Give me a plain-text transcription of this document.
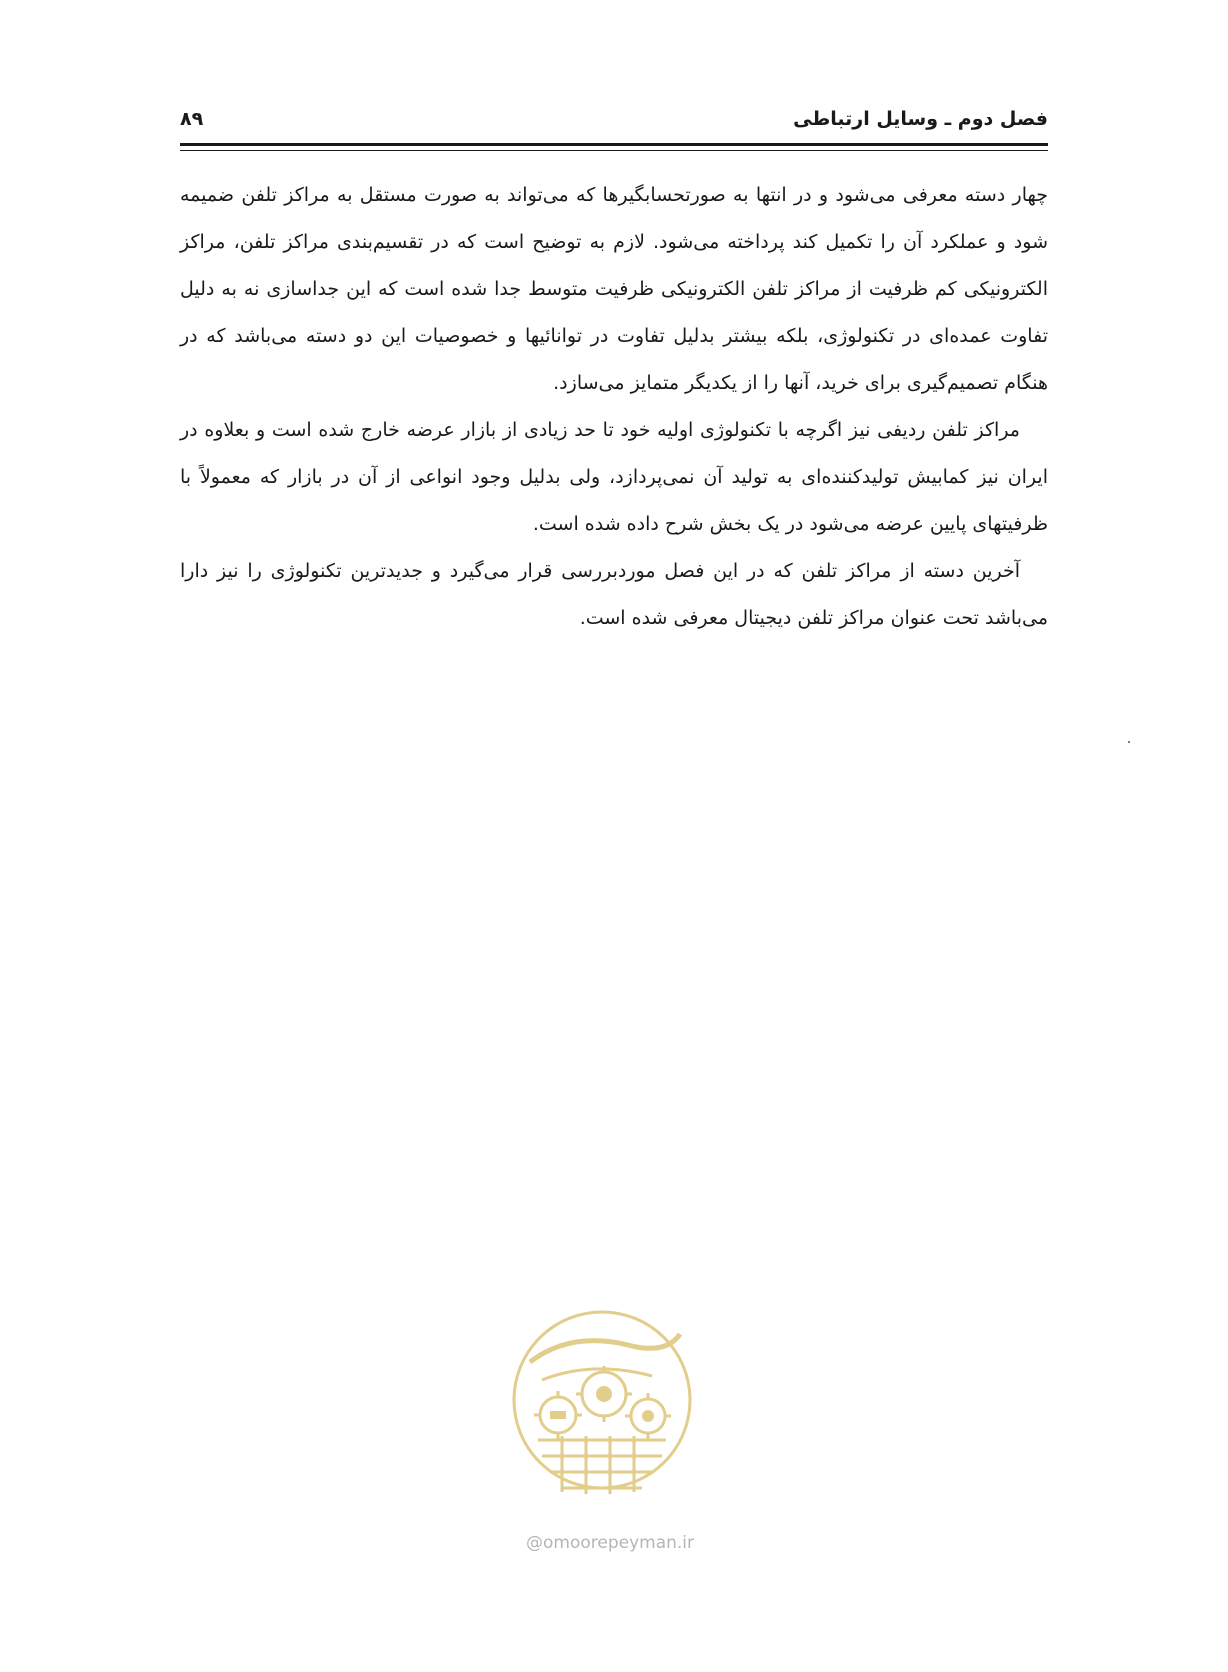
فصل دوم ـ وسایل ارتباطی
۸۹

چهار دسته معرفی می‌شود و در انتها به صورتحسابگیرها که می‌تواند به صورت مستقل به مراکز تلفن ضمیمه شود و عملکرد آن را تکمیل کند پرداخته می‌شود. لازم به توضیح است که در تقسیم‌بندی مراکز تلفن، مراکز الکترونیکی کم ظرفیت از مراکز تلفن الکترونیکی ظرفیت متوسط جدا شده است که این جداسازی نه به دلیل تفاوت عمده‌ای در تکنولوژی، بلکه بیشتر بدلیل تفاوت در توانائیها و خصوصیات این دو دسته می‌باشد که در هنگام تصمیم‌گیری برای خرید، آنها را از یکدیگر متمایز می‌سازد.

مراکز تلفن ردیفی نیز اگرچه با تکنولوژی اولیه خود تا حد زیادی از بازار عرضه خارج شده است و بعلاوه در ایران نیز کمابیش تولیدکننده‌ای به تولید آن نمی‌پردازد، ولی بدلیل وجود انواعی از آن در بازار که معمولاً با ظرفیتهای پایین عرضه می‌شود در یک بخش شرح داده شده است.

آخرین دسته از مراکز تلفن که در این فصل موردبررسی قرار می‌گیرد و جدیدترین تکنولوژی را نیز دارا می‌باشد تحت عنوان مراکز تلفن دیجیتال معرفی شده است.

@omoorepeyman.ir
